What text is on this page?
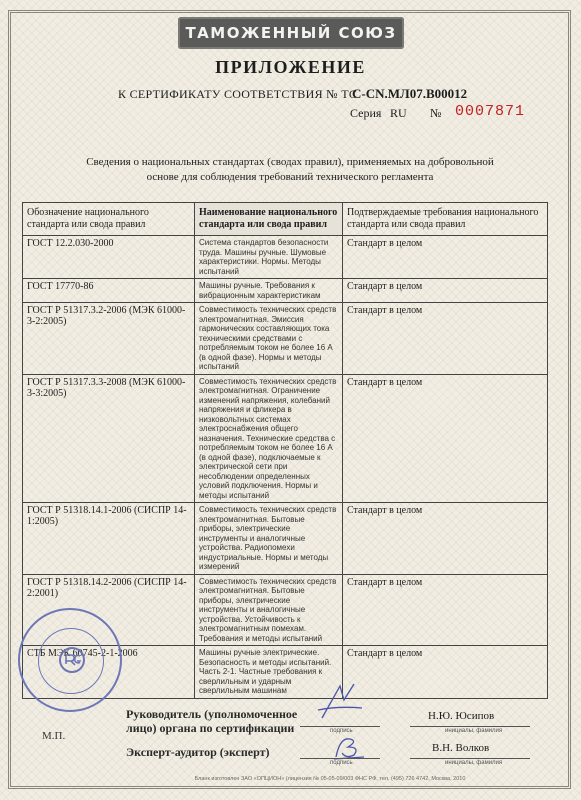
ТАМОЖЕННЫЙ СОЮЗ
ПРИЛОЖЕНИЕ
К СЕРТИФИКАТУ СООТВЕТСТВИЯ № ТС
C-CN.МЛ07.B00012
Серия RU № 0007871
Сведения о национальных стандартах (сводах правил), применяемых на добровольной основе для соблюдения требований технического регламента
Обозначение национального стандарта или свода правил	Наименование национального стандарта или свода правил	Подтверждаемые требования национального стандарта или свода правил
ГОСТ 12.2.030-2000	Система стандартов безопасности труда. Машины ручные. Шумовые характеристики. Нормы. Методы испытаний	Стандарт в целом
ГОСТ 17770-86	Машины ручные. Требования к вибрационным характеристикам	Стандарт в целом
ГОСТ Р 51317.3.2-2006 (МЭК 61000-3-2:2005)	Совместимость технических средств электромагнитная. Эмиссия гармонических составляющих тока техническими средствами с потребляемым током не более 16 А (в одной фазе). Нормы и методы испытаний	Стандарт в целом
ГОСТ Р 51317.3.3-2008 (МЭК 61000-3-3:2005)	Совместимость технических средств электромагнитная. Ограничение изменений напряжения, колебаний напряжения и фликера в низковольтных системах электроснабжения общего назначения. Технические средства с потребляемым током не более 16 А (в одной фазе), подключаемые к электрической сети при несоблюдении определенных условий подключения. Нормы и методы испытаний	Стандарт в целом
ГОСТ Р 51318.14.1-2006 (СИСПР 14-1:2005)	Совместимость технических средств электромагнитная. Бытовые приборы, электрические инструменты и аналогичные устройства. Радиопомехи индустриальные. Нормы и методы измерений	Стандарт в целом
ГОСТ Р 51318.14.2-2006 (СИСПР 14-2:2001)	Совместимость технических средств электромагнитная. Бытовые приборы, электрические инструменты и аналогичные устройства. Устойчивость к электромагнитным помехам. Требования и методы испытаний	Стандарт в целом
СТБ МЭК 60745-2-1-2006	Машины ручные электрические. Безопасность и методы испытаний. Часть 2-1. Частные требования к сверлильным и ударным сверлильным машинам	Стандарт в целом
М.П.
Руководитель (уполномоченное лицо) органа по сертификации
Эксперт-аудитор (эксперт)
подпись
Н.Ю. Юсипов
инициалы, фамилия
подпись
В.Н. Волков
инициалы, фамилия
Бланк изготовлен ЗАО «ОПЦИОН» (лицензия № 05-05-09/003 ФНС РФ, тел. (495) 726 4742, Москва, 2010
